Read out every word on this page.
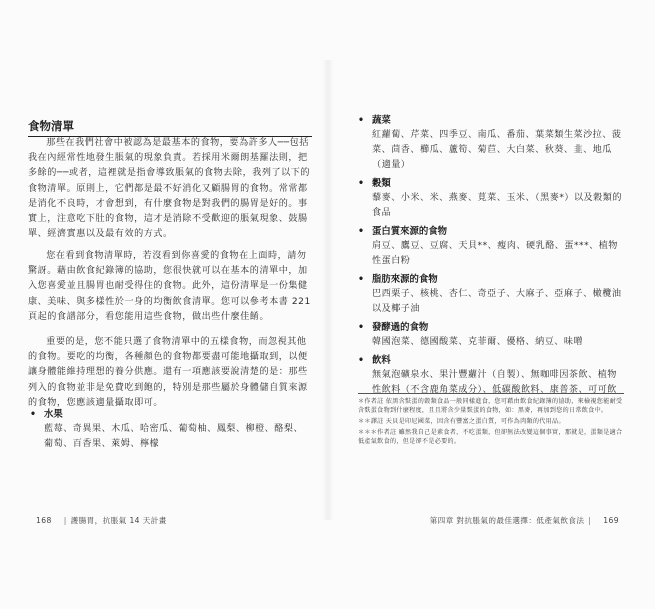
食物清單

那些在我們社會中被認為是最基本的食物，要為許多人──包括我在內經常性地發生脹氣的現象負責。若採用米爾朗基羅法則，把多餘的──或者，這裡就是指會導致脹氣的食物去除，我列了以下的食物清單。原則上，它們都是最不好消化又顧腸胃的食物。常常都是消化不良時，才會想到，有什麼食物是對我們的腸胃是好的。事實上，注意吃下肚的食物，這才是消除不受歡迎的脹氣現象、鼓腸單、經濟實惠以及最有效的方式。

您在看到食物清單時，若沒看到你喜愛的食物在上面時，請勿驚訝。藉由飲食紀錄簿的協助，您很快就可以在基本的清單中，加入您喜愛並且腸胃也耐受得住的食物。此外，這份清單是一份集健康、美味、與多樣性於一身的均衡飲食清單。您可以參考本書 221 頁起的食譜部分，看您能用這些食物，做出些什麼佳餚。

重要的是，您不能只選了食物清單中的五樣食物，而忽視其他的食物。要吃的均衡，各種顏色的食物都要盡可能地攝取到，以便讓身體能維持理想的養分供應。還有一項應該要說清楚的是：那些列入的食物並非是免費吃到飽的，特別是那些屬於身體儲自質來源的食物，您應該適量攝取即可。

• 水果
藍莓、奇異果、木瓜、哈密瓜、葡萄柚、鳳梨、柳橙、酪梨、葡萄、百香果、萊姆、檸檬
168 | 護腸胃，抗脹氣 14 天計畫
• 蔬菜
紅蘿蔔、芹菜、四季豆、南瓜、番茄、葉菜類生菜沙拉、菠菜、茴香、櫛瓜、蘆筍、菊苣、大白菜、秋葵、韭、地瓜（適量）
• 穀類
藜麥、小米、米、燕麥、莧菜、玉米、（黑麥*）以及穀類的食品
• 蛋白質來源的食物
肩豆、鷹豆、豆腐、天貝**、瘦肉、硬乳酪、蛋***、植物性蛋白粉
• 脂肪來源的食物
巴西栗子、核桃、杏仁、奇亞子、大麻子、亞麻子、橄欖油以及椰子油
• 發酵過的食物
韓國泡菜、德國酸菜、克菲爾、優格、納豆、味噌
• 飲料
無氣泡礦泉水、果汁豐蘿汁（自製）、無咖啡因茶飲、植物性飲料（不含鹿角菜成分）、低碳酸飲料、康普茶、可可飲

＊作者註 依黑含麩蛋的穀類食品一般同樣進食，您可藉由飲食紀錄簿的協助，來檢視您能耐受含麩蛋食物到什麼程度，且且將含少量麩蛋的食物，如：黑麥，再加到您的日常飲食中。

＊＊譯註 天貝是印尼國菜，因含有豐富之蛋白質，可作為肉類的代用品。

＊＊＊作者註 雖然我自己是素食者，不吃蛋類，但卻無法改變這個事實，那就是，蛋類是適合低產氣飲食的，但是卻不是必要的。

第四章 對抗脹氣的最佳選擇：低產氣飲食法 | 169
